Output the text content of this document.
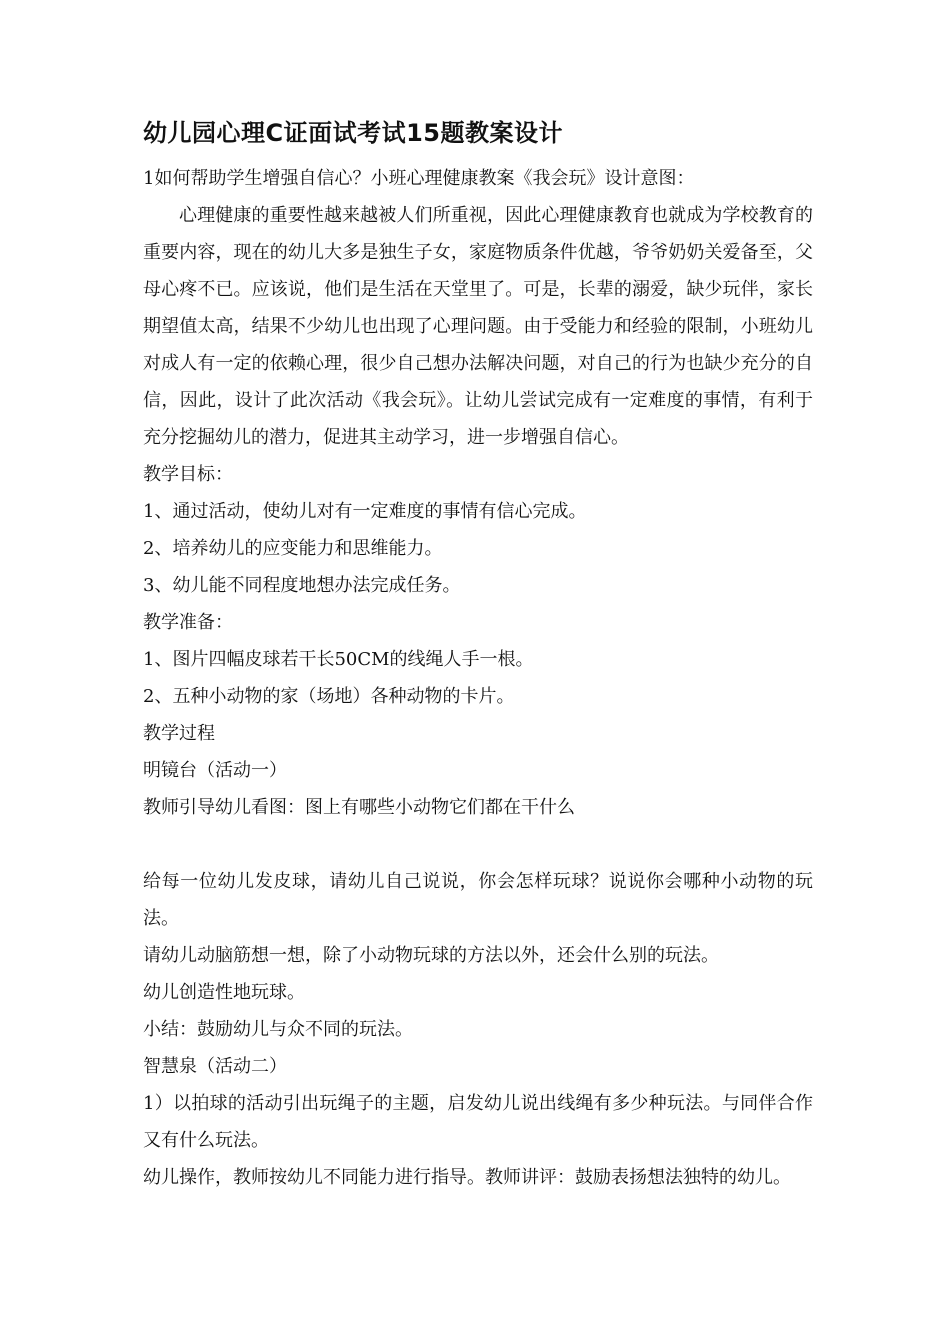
幼儿园心理C证面试考试15题教案设计

1如何帮助学生增强自信心？小班心理健康教案《我会玩》设计意图：

心理健康的重要性越来越被人们所重视，因此心理健康教育也就成为学校教育的重要内容，现在的幼儿大多是独生子女，家庭物质条件优越，爷爷奶奶关爱备至，父母心疼不已。应该说，他们是生活在天堂里了。可是，长辈的溺爱，缺少玩伴，家长期望值太高，结果不少幼儿也出现了心理问题。由于受能力和经验的限制，小班幼儿对成人有一定的依赖心理，很少自己想办法解决问题，对自己的行为也缺少充分的自信，因此，设计了此次活动《我会玩》。让幼儿尝试完成有一定难度的事情，有利于充分挖掘幼儿的潜力，促进其主动学习，进一步增强自信心。

教学目标：

1、通过活动，使幼儿对有一定难度的事情有信心完成。

2、培养幼儿的应变能力和思维能力。

3、幼儿能不同程度地想办法完成任务。

教学准备：

1、图片四幅皮球若干长50CM的线绳人手一根。

2、五种小动物的家（场地）各种动物的卡片。

教学过程

明镜台（活动一）

教师引导幼儿看图：图上有哪些小动物它们都在干什么

给每一位幼儿发皮球，请幼儿自己说说，你会怎样玩球？说说你会哪种小动物的玩法。

请幼儿动脑筋想一想，除了小动物玩球的方法以外，还会什么别的玩法。

幼儿创造性地玩球。

小结：鼓励幼儿与众不同的玩法。

智慧泉（活动二）

1）以拍球的活动引出玩绳子的主题，启发幼儿说出线绳有多少种玩法。与同伴合作又有什么玩法。

幼儿操作，教师按幼儿不同能力进行指导。教师讲评：鼓励表扬想法独特的幼儿。
